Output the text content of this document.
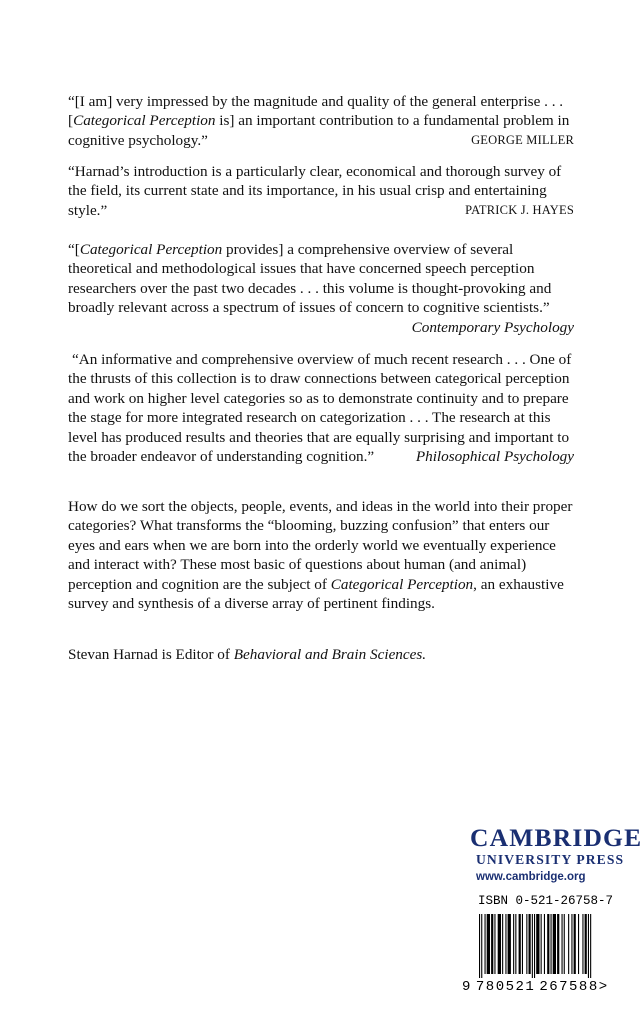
“[I am] very impressed by the magnitude and quality of the general enterprise . . . [Categorical Perception is] an important contribution to a fundamental problem in cognitive psychology.”	GEORGE MILLER

“Harnad’s introduction is a particularly clear, economical and thorough survey of the field, its current state and its importance, in his usual crisp and entertaining style.”	PATRICK J. HAYES

“[Categorical Perception provides] a comprehensive overview of several theoretical and methodological issues that have concerned speech perception researchers over the past two decades . . . this volume is thought-provoking and broadly relevant across a spectrum of issues of concern to cognitive scientists.”
Contemporary Psychology

“An informative and comprehensive overview of much recent research . . . One of the thrusts of this collection is to draw connections between categorical perception and work on higher level categories so as to demonstrate continuity and to prepare the stage for more integrated research on categorization . . . The research at this level has produced results and theories that are equally surprising and important to the broader endeavor of understanding cognition.”	Philosophical Psychology

How do we sort the objects, people, events, and ideas in the world into their proper categories? What transforms the “blooming, buzzing confusion” that enters our eyes and ears when we are born into the orderly world we eventually experience and interact with? These most basic of questions about human (and animal) perception and cognition are the subject of Categorical Perception, an exhaustive survey and synthesis of a diverse array of pertinent findings.

Stevan Harnad is Editor of Behavioral and Brain Sciences.

CAMBRIDGE
UNIVERSITY PRESS
www.cambridge.org
ISBN 0-521-26758-7
9 780521 267588>
